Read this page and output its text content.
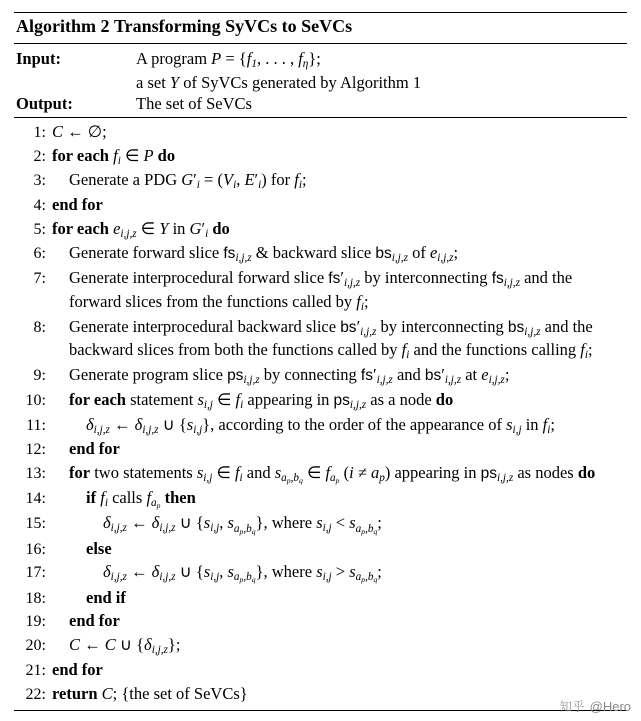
Algorithm 2 Transforming SyVCs to SeVCs
Input:	A program $P = \{f_1$, . . . , $f_\eta$};
a set Y of SyVCs generated by Algorithm 1
Output:	The set of SeVCs
1: C ← ∅;
2: for each $f_i$ ∈ P do
3:	Generate a PDG $G'_i = (V_i$, $E'_i$) for $f_i$;
4: end for
5: for each $e_{i,j,z}$ ∈ Y in $G'_i$ do
6:	Generate forward slice $fs_{i,j,z}$ & backward slice $bs_{i,j,z}$ of $e_{i,j,z}$;
7:	Generate interprocedural forward slice $fs'_{i,j,z}$ by interconnecting $fs_{i,j,z}$ and the forward slices from the functions called by $f_i$;
8:	Generate interprocedural backward slice $bs'_{i,j,z}$ by interconnecting $bs_{i,j,z}$ and the backward slices from both the functions called by $f_i$ and the functions calling $f_i$;
9:	Generate program slice $ps_{i,j,z}$ by connecting $fs'_{i,j,z}$ and $bs'_{i,j,z}$ at $e_{i,j,z}$;
10:	for each statement $s_{i,j}$ ∈ $f_i$ appearing in $ps_{i,j,z}$ as a node do
11:	$\delta_{i,j,z}$ ← $\delta_{i,j,z}$ ∪ $\{s_{i,j}\}$, according to the order of the appearance of $s_{i,j}$ in $f_i$;
12:	end for
13:	for two statements $s_{i,j}$ ∈ $f_i$ and $s_{a_p,b_q}$ ∈ $f_{a_p}$ $(i \ne a_p)$ appearing in $ps_{i,j,z}$ as nodes do
14:	if $f_i$ calls $f_{a_p}$ then
15:	$\delta_{i,j,z}$ ← $\delta_{i,j,z}$ ∪ {$s_{i,j}$, $s_{a_p,b_q}$}, where $s_{i,j} < s_{a_p,b_q}$;
16:	else
17:	$\delta_{i,j,z}$ ← $\delta_{i,j,z}$ ∪ {$s_{i,j}$, $s_{a_p,b_q}$}, where $s_{i,j} > s_{a_p,b_q}$;
18:	end if
19:	end for
20:	C ← C ∪ $\{\delta_{i,j,z}\}$;
21: end for
22: return C; {the set of SeVCs}
知乎 @Hero
